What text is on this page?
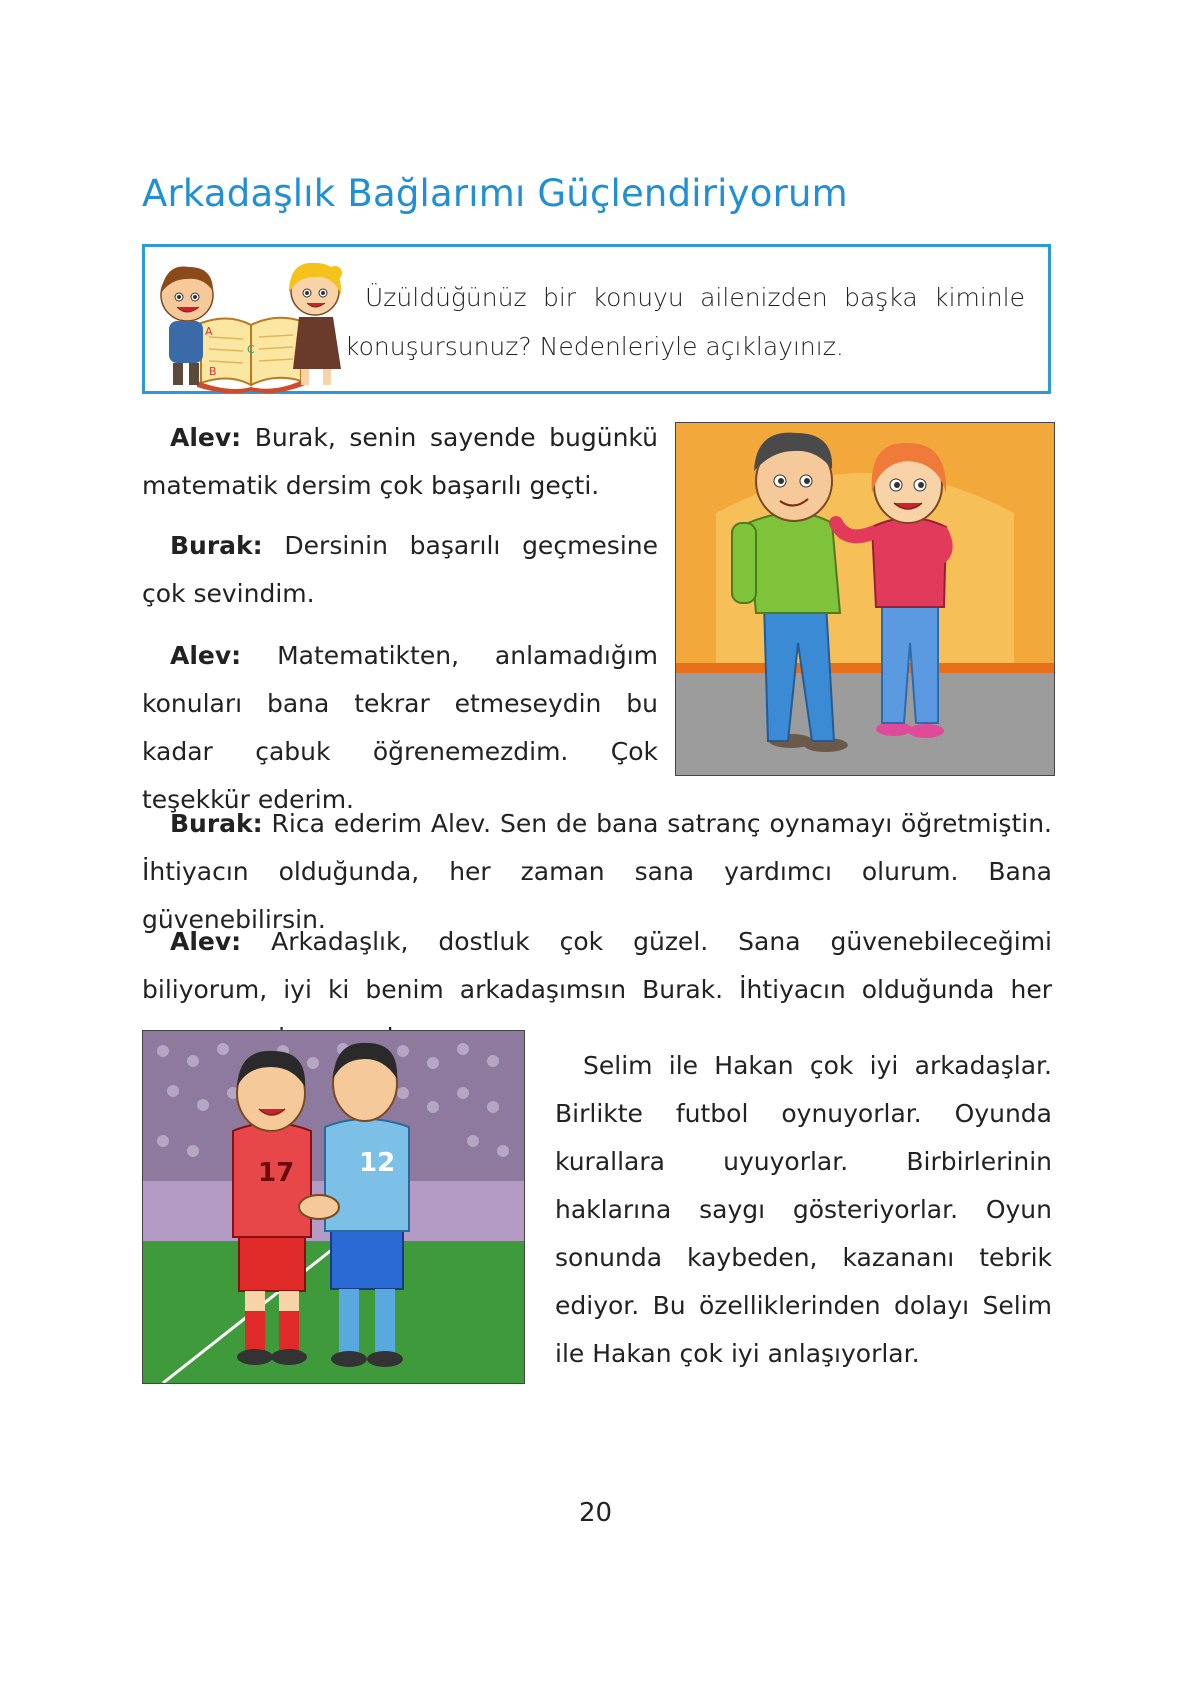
Arkadaşlık Bağlarımı Güçlendiriyorum
A
B
C
Üzüldüğünüz bir konuyu ailenizden başka kiminle konuşursunuz? Nedenleriyle açıklayınız.

Alev: Burak, senin sayende bugünkü matematik dersim çok başarılı geçti.

Burak: Dersinin başarılı geçmesine çok sevindim.

Alev: Matematikten, anlamadığım konuları bana tekrar etmeseydin bu kadar çabuk öğrenemezdim. Çok teşekkür ederim.

Burak: Rica ederim Alev. Sen de bana satranç oynamayı öğretmiştin. İhtiyacın olduğunda, her zaman sana yardımcı olurum. Bana güvenebilirsin.

Alev: Arkadaşlık, dostluk çok güzel. Sana güvenebileceğimi biliyorum, iyi ki benim arkadaşımsın Burak. İhtiyacın olduğunda her

17 12

Selim ile Hakan çok iyi arkadaşlar. Birlikte futbol oynuyorlar. Oyunda kurallara uyuyorlar. Birbirlerinin haklarına saygı gösteriyorlar. Oyun sonunda kaybeden, kazananı tebrik ediyor. Bu özelliklerinden dolayı Selim ile Hakan çok iyi anlaşıyorlar.

20
